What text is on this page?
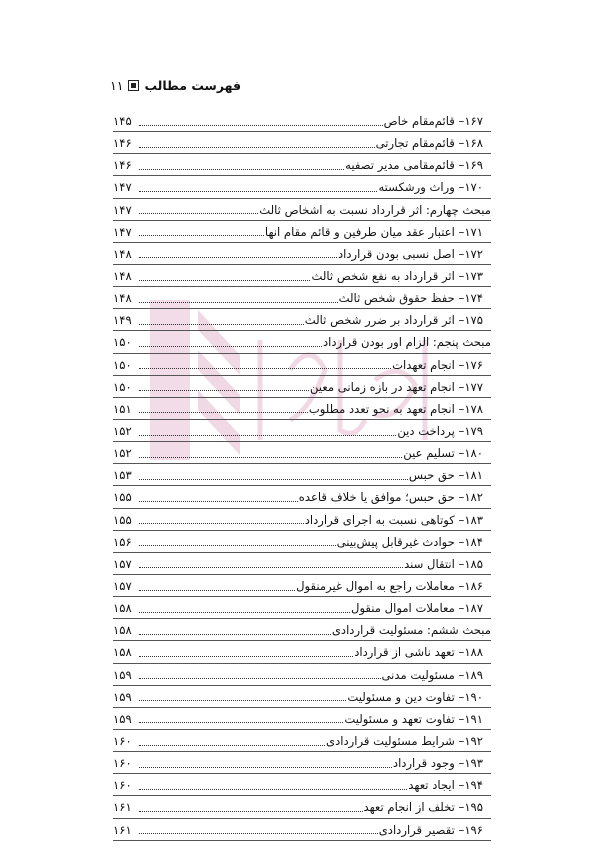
فهرست مطالب
۱۱
۱۶۷– قائم‌مقام خاص
۱۴۵
۱۶۸– قائم‌مقام تجارتی
۱۴۶
۱۶۹– قائم‌مقامی مدیر تصفیه
۱۴۶
۱۷۰– وراث ورشکسته
۱۴۷
مبحث چهارم: اثر قرارداد نسبت به اشخاص ثالث
۱۴۷
۱۷۱– اعتبار عقد میان طرفین و قائم مقام انها
۱۴۷
۱۷۲– اصل نسبی بودن قرارداد
۱۴۸
۱۷۳– اثر قرارداد به نفع شخص ثالث
۱۴۸
۱۷۴– حفظ حقوق شخص ثالث
۱۴۸
۱۷۵– اثر قرارداد بر ضرر شخص ثالث
۱۴۹
مبحث پنجم: الزام اور بودن قرارداد
۱۵۰
۱۷۶– انجام تعهدات
۱۵۰
۱۷۷– انجام تعهد در بازه زمانی معین
۱۵۰
۱۷۸– انجام تعهد به نحو تعدد مطلوب
۱۵۱
۱۷۹– پرداخت دین
۱۵۲
۱۸۰– تسلیم عین
۱۵۲
۱۸۱– حق حبس
۱۵۳
۱۸۲– حق حبس؛ موافق یا خلاف قاعده
۱۵۵
۱۸۳– کوتاهی نسبت به اجرای قرارداد
۱۵۵
۱۸۴– حوادث غیرقابل پیش‌بینی
۱۵۶
۱۸۵– انتقال سند
۱۵۷
۱۸۶– معاملات راجع به اموال غیرمنقول
۱۵۷
۱۸۷– معاملات اموال منقول
۱۵۸
مبحث ششم: مسئولیت قراردادی
۱۵۸
۱۸۸– تعهد ناشی از قرارداد
۱۵۸
۱۸۹– مسئولیت مدنی
۱۵۹
۱۹۰– تفاوت دین و مسئولیت
۱۵۹
۱۹۱– تفاوت تعهد و مسئولیت
۱۵۹
۱۹۲– شرایط مسئولیت قراردادی
۱۶۰
۱۹۳– وجود قرارداد
۱۶۰
۱۹۴– ایجاد تعهد
۱۶۰
۱۹۵– تخلف از انجام تعهد
۱۶۱
۱۹۶– تقصیر قراردادی
۱۶۱
